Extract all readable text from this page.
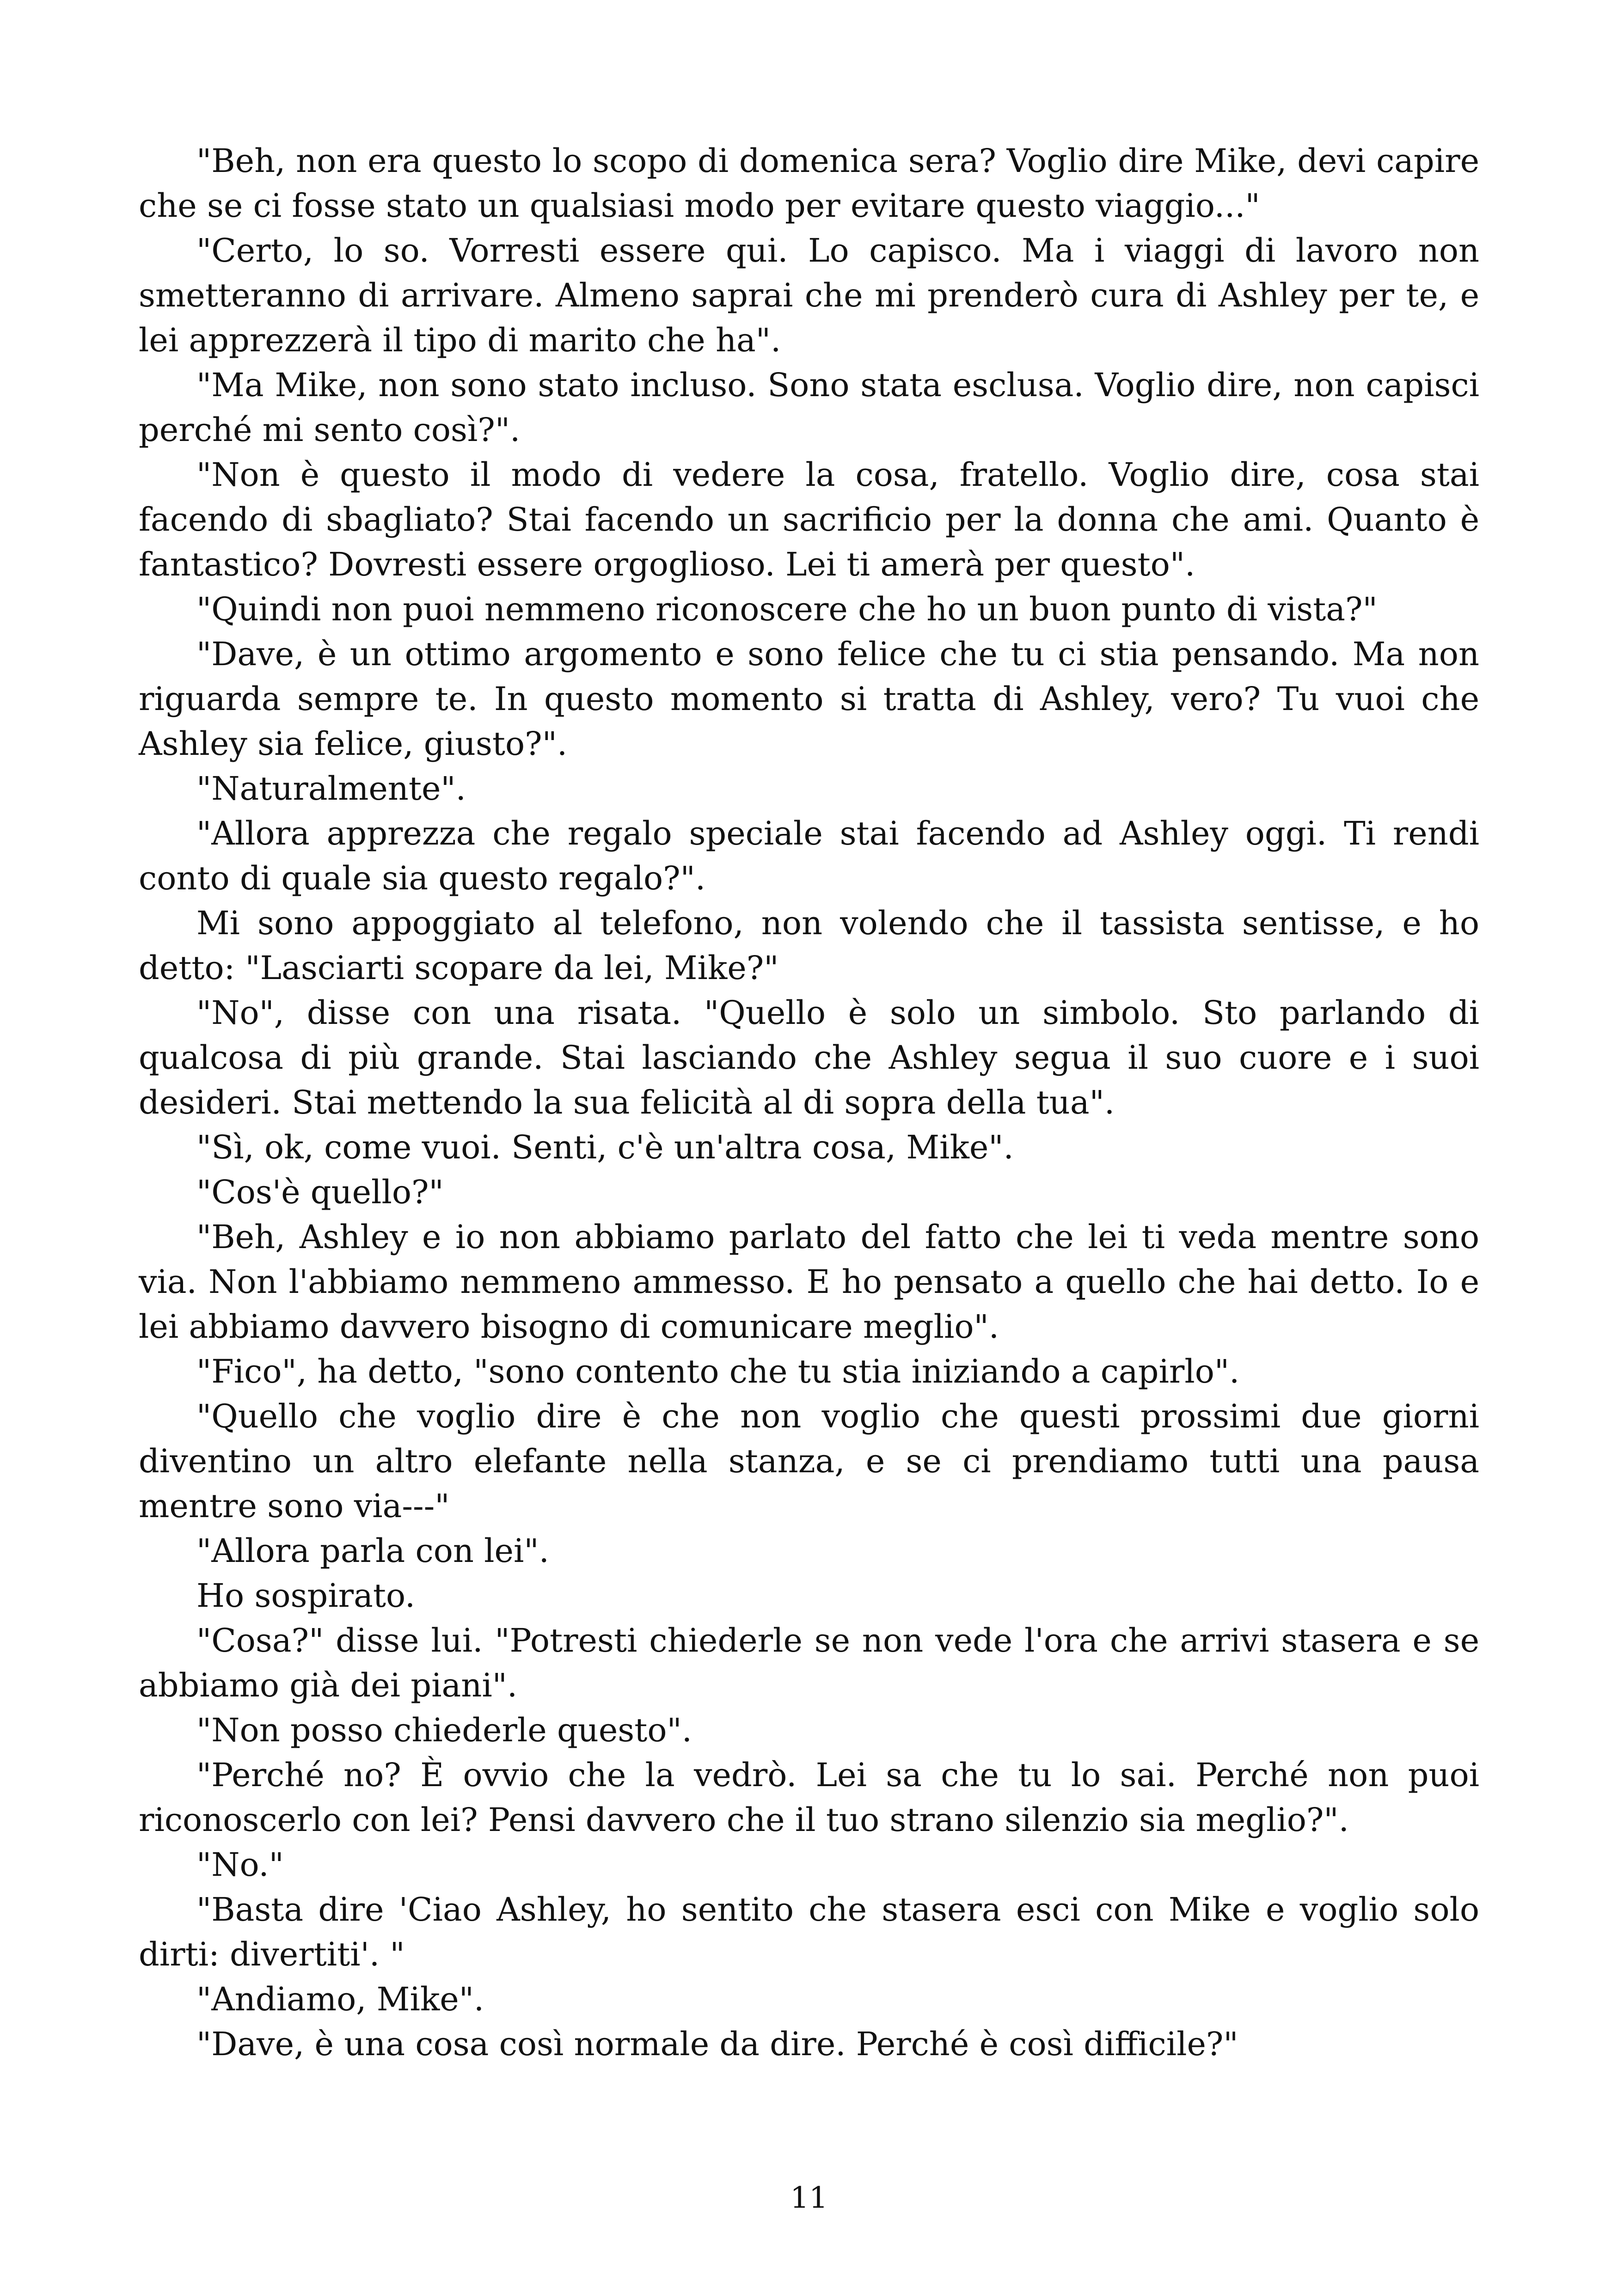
"Beh, non era questo lo scopo di domenica sera? Voglio dire Mike, devi capire che se ci fosse stato un qualsiasi modo per evitare questo viaggio..."

"Certo, lo so. Vorresti essere qui. Lo capisco. Ma i viaggi di lavoro non smetteranno di arrivare. Almeno saprai che mi prenderò cura di Ashley per te, e lei apprezzerà il tipo di marito che ha".

"Ma Mike, non sono stato incluso. Sono stata esclusa. Voglio dire, non capisci perché mi sento così?".

"Non è questo il modo di vedere la cosa, fratello. Voglio dire, cosa stai facendo di sbagliato? Stai facendo un sacrificio per la donna che ami. Quanto è fantastico? Dovresti essere orgoglioso. Lei ti amerà per questo".

"Quindi non puoi nemmeno riconoscere che ho un buon punto di vista?"

"Dave, è un ottimo argomento e sono felice che tu ci stia pensando. Ma non riguarda sempre te. In questo momento si tratta di Ashley, vero? Tu vuoi che Ashley sia felice, giusto?".

"Naturalmente".

"Allora apprezza che regalo speciale stai facendo ad Ashley oggi. Ti rendi conto di quale sia questo regalo?".

Mi sono appoggiato al telefono, non volendo che il tassista sentisse, e ho detto: "Lasciarti scopare da lei, Mike?"

"No", disse con una risata. "Quello è solo un simbolo. Sto parlando di qualcosa di più grande. Stai lasciando che Ashley segua il suo cuore e i suoi desideri. Stai mettendo la sua felicità al di sopra della tua".

"Sì, ok, come vuoi. Senti, c'è un'altra cosa, Mike".

"Cos'è quello?"

"Beh, Ashley e io non abbiamo parlato del fatto che lei ti veda mentre sono via. Non l'abbiamo nemmeno ammesso. E ho pensato a quello che hai detto. Io e lei abbiamo davvero bisogno di comunicare meglio".

"Fico", ha detto, "sono contento che tu stia iniziando a capirlo".

"Quello che voglio dire è che non voglio che questi prossimi due giorni diventino un altro elefante nella stanza, e se ci prendiamo tutti una pausa mentre sono via---"

"Allora parla con lei".

Ho sospirato.

"Cosa?" disse lui. "Potresti chiederle se non vede l'ora che arrivi stasera e se abbiamo già dei piani".

"Non posso chiederle questo".

"Perché no? È ovvio che la vedrò. Lei sa che tu lo sai. Perché non puoi riconoscerlo con lei? Pensi davvero che il tuo strano silenzio sia meglio?".

"No."

"Basta dire 'Ciao Ashley, ho sentito che stasera esci con Mike e voglio solo dirti: divertiti'. "

"Andiamo, Mike".

"Dave, è una cosa così normale da dire. Perché è così difficile?"

11
